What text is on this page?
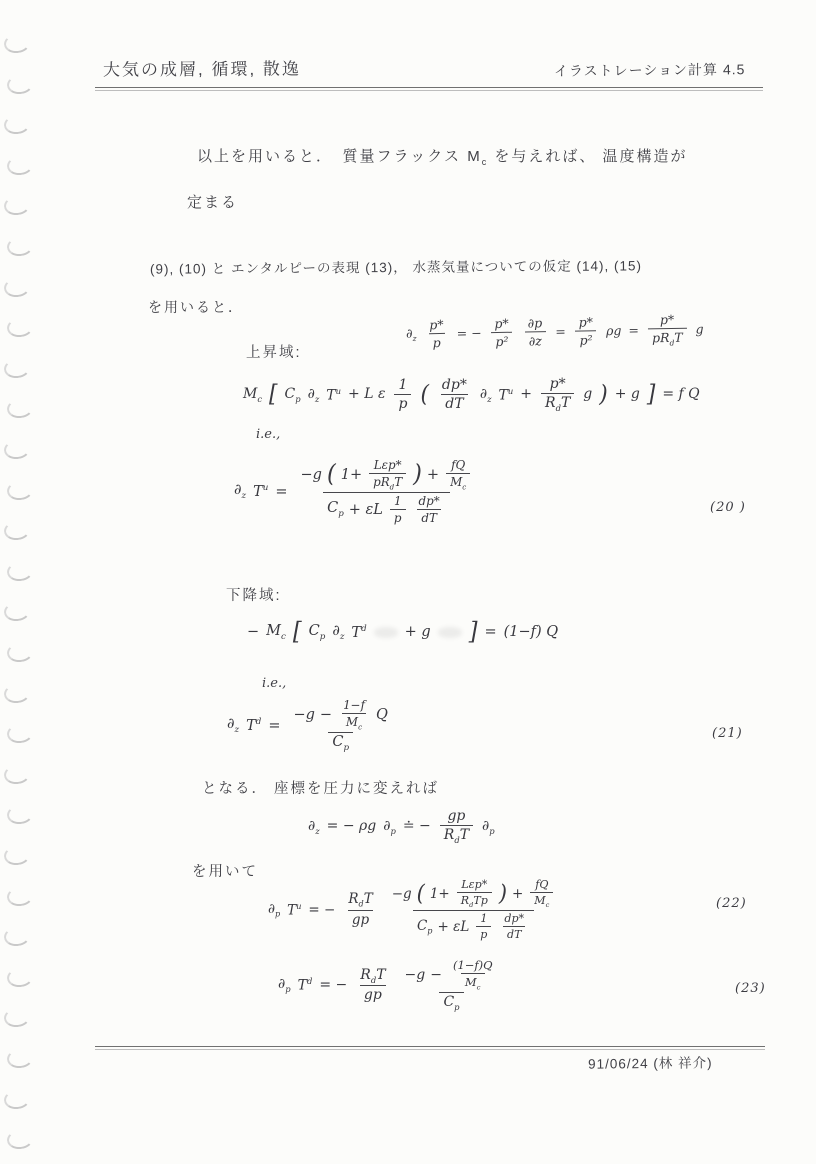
大気の成層, 循環, 散逸	イラストレーション計算 4.5
以上を用いると．　質量フラックス $M_c$ を与えれば、 温度構造が
定まる
(9), (10) と エンタルピーの表現 (13)， 水蒸気量についての仮定 (14), (15)
を用いると．
$\partial_z \frac{p*}{p}$ = − $\frac{p*}{\text{p²}} \frac{\partial p}{\partial z} = \frac{p*}{\text{p²}}$ $\rho g = \frac{p*}{pR_dT}$ g
上昇域:
$M_c$ [ $C_p$ $\partial_z$ $T^u + L$ ε $\frac{1}{p}$ ( $\frac{dp*}{dT} \partial_z$ $T^u + \frac{p*}{R_dT}$ g ) + g ] = f Q
i.e.,
$\partial_z$ $T^u = \frac{-g ( 1+ \frac{\text{Lεp*}}{pR_dT} ) + \frac{fQ}{M_c}}{C_p + \varepsilon L \frac{1}{p} \frac{dp*}{dT}}$	(20 )
下降域:
− $M_c$ [ $C_p$ $\partial_z$ $T^d$	+ g ] = (1−f) Q
i.e.,
$\partial_z$ $T^d = \frac{-g - \frac{1-f}{M_c} Q}{C_p}$	(21)
となる． 座標を圧力に変えれば
$\partial_z$ = − ρg $\partial_p$ ≐ − $\frac{gp}{R_dT} \partial_p$
を用いて
$\partial_p$ $T^u$ = − $\frac{R_dT}{gp} \frac{-g ( 1+ \frac{\text{Lεp*}}{R_dTp} ) + \frac{fQ}{M_c}}{C_p + \varepsilon L \frac{1}{p} \frac{dp*}{dT}}$	(22)
$\partial_p$ $T^d$ = − $\frac{R_dT}{gp} \frac{-g - \frac{(1-f)Q}{M_c}}{C_p}$	(23)
91/06/24 (林 祥介)
